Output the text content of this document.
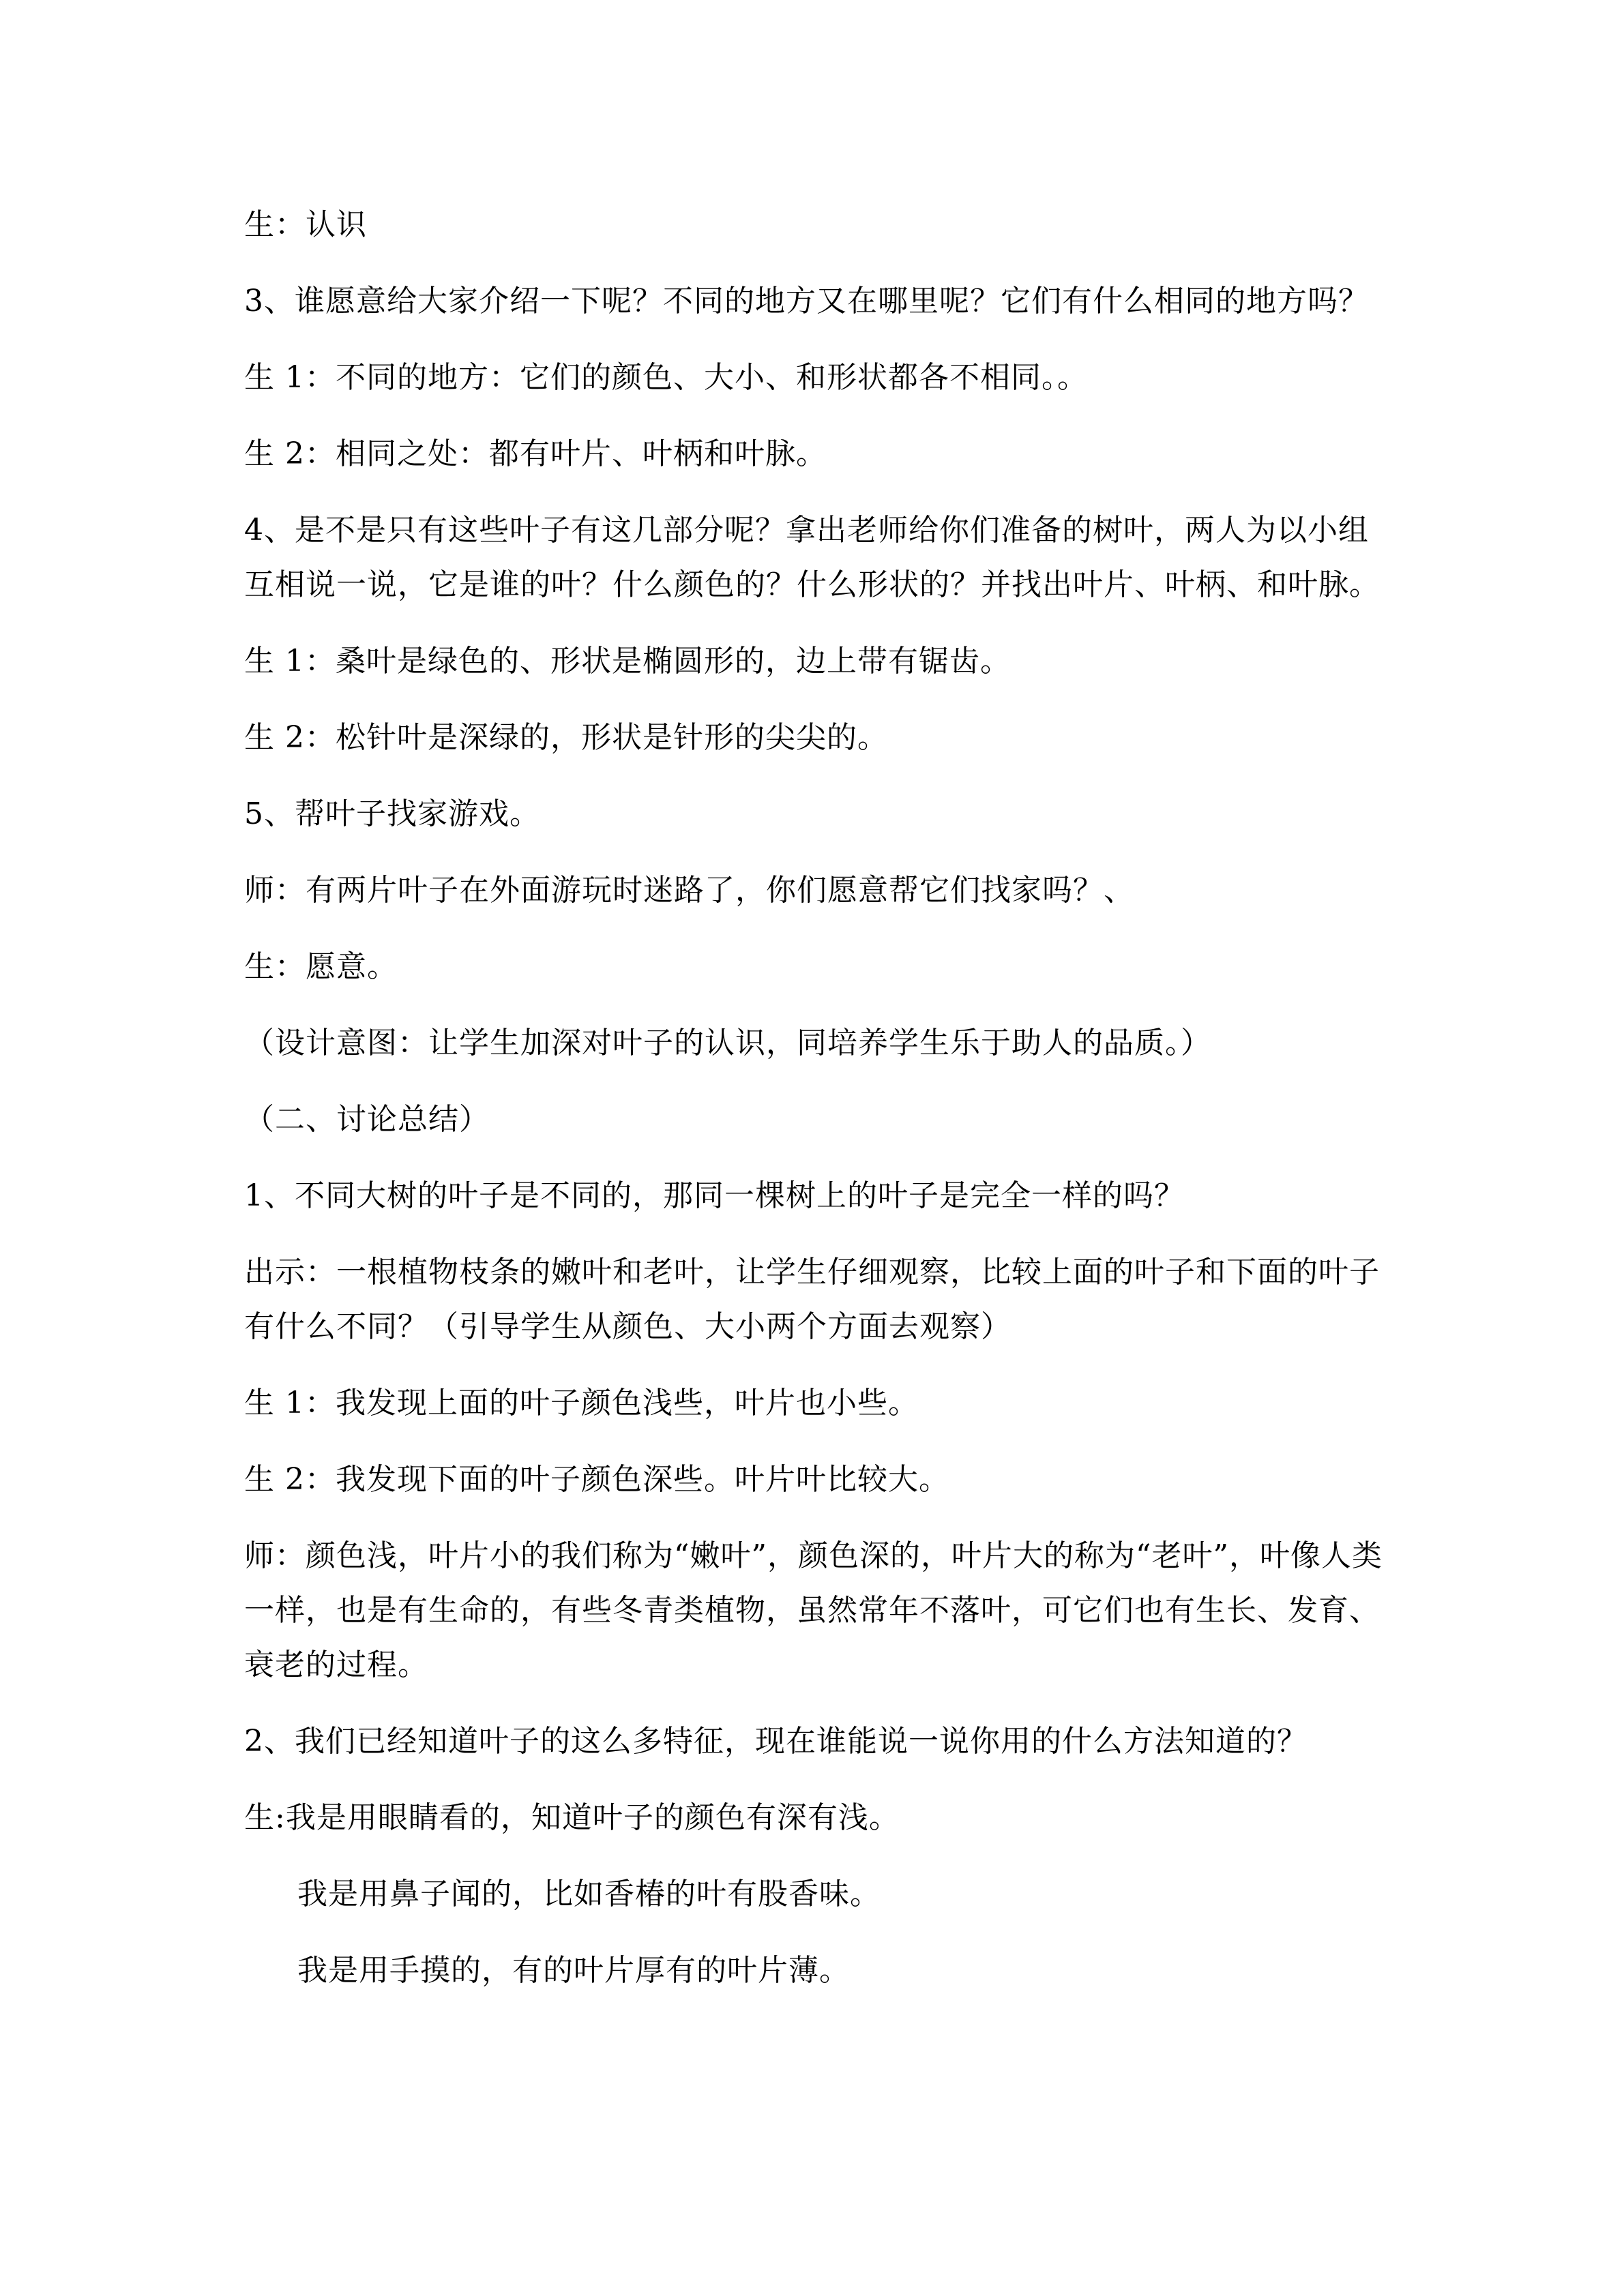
生：认识

3、谁愿意给大家介绍一下呢？不同的地方又在哪里呢？它们有什么相同的地方吗？

生 1：不同的地方：它们的颜色、大小、和形状都各不相同。。

生 2：相同之处：都有叶片、叶柄和叶脉。

4、是不是只有这些叶子有这几部分呢？拿出老师给你们准备的树叶，两人为以小组互相说一说，它是谁的叶？什么颜色的？什么形状的？并找出叶片、叶柄、和叶脉。

生 1：桑叶是绿色的、形状是椭圆形的，边上带有锯齿。

生 2：松针叶是深绿的，形状是针形的尖尖的。

5、帮叶子找家游戏。

师：有两片叶子在外面游玩时迷路了，你们愿意帮它们找家吗？、

生：愿意。

（设计意图：让学生加深对叶子的认识，同培养学生乐于助人的品质。）

（二、讨论总结）

1、不同大树的叶子是不同的，那同一棵树上的叶子是完全一样的吗？

出示：一根植物枝条的嫩叶和老叶，让学生仔细观察，比较上面的叶子和下面的叶子有什么不同？（引导学生从颜色、大小两个方面去观察）

生 1：我发现上面的叶子颜色浅些，叶片也小些。

生 2：我发现下面的叶子颜色深些。叶片叶比较大。

师：颜色浅，叶片小的我们称为“嫩叶”，颜色深的，叶片大的称为“老叶”，叶像人类一样，也是有生命的，有些冬青类植物，虽然常年不落叶，可它们也有生长、发育、衰老的过程。

2、我们已经知道叶子的这么多特征，现在谁能说一说你用的什么方法知道的？

生:我是用眼睛看的，知道叶子的颜色有深有浅。

我是用鼻子闻的，比如香椿的叶有股香味。

我是用手摸的，有的叶片厚有的叶片薄。
